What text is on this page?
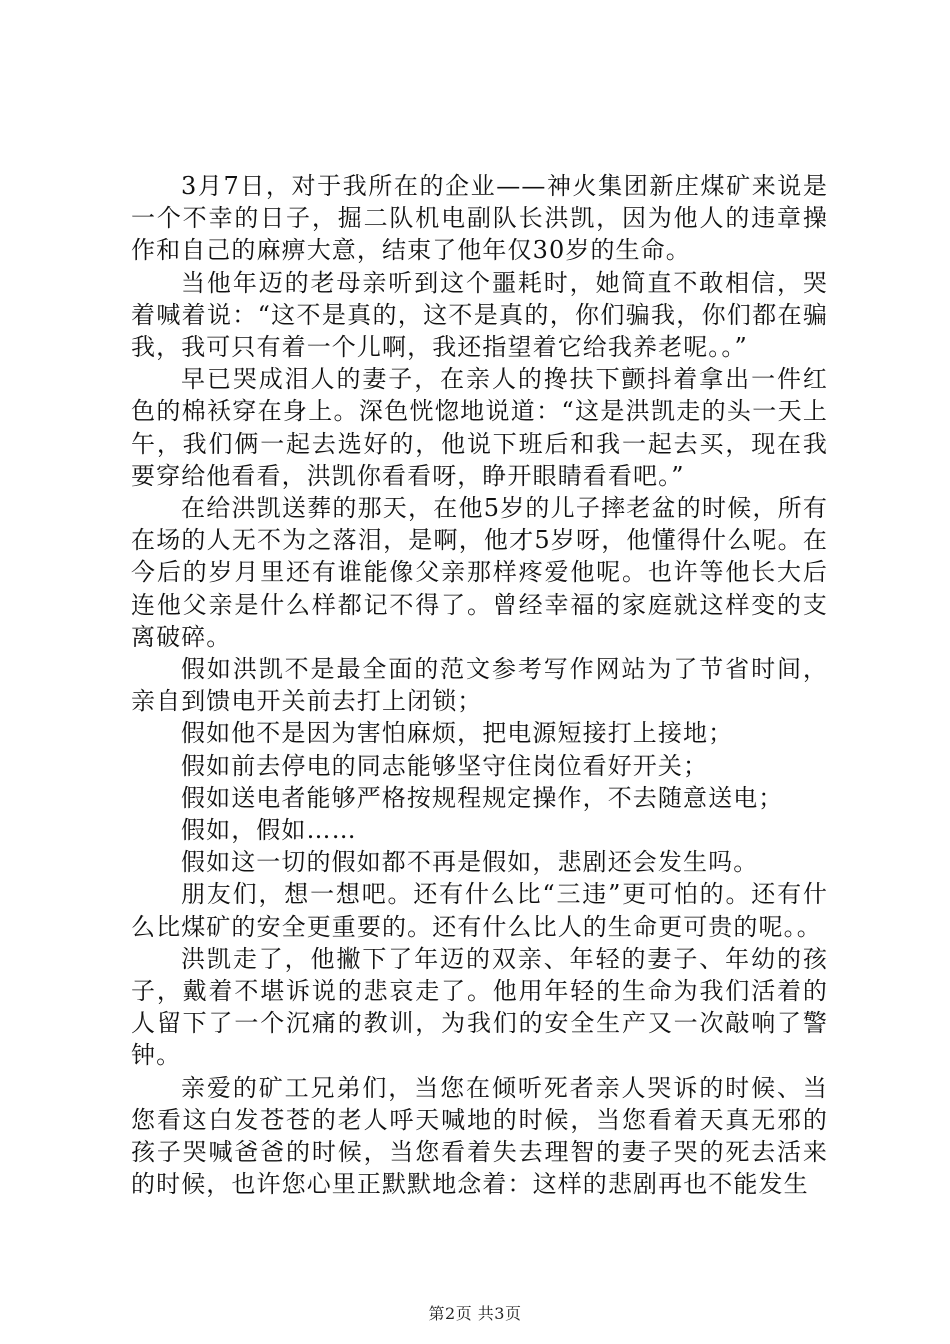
3月7日，对于我所在的企业——神火集团新庄煤矿来说是一个不幸的日子，掘二队机电副队长洪凯，因为他人的违章操作和自己的麻痹大意，结束了他年仅30岁的生命。

当他年迈的老母亲听到这个噩耗时，她简直不敢相信，哭着喊着说：“这不是真的，这不是真的，你们骗我，你们都在骗我，我可只有着一个儿啊，我还指望着它给我养老呢。。”

早已哭成泪人的妻子，在亲人的搀扶下颤抖着拿出一件红色的棉袄穿在身上。深色恍惚地说道：“这是洪凯走的头一天上午，我们俩一起去选好的，他说下班后和我一起去买，现在我要穿给他看看，洪凯你看看呀，睁开眼睛看看吧。”

在给洪凯送葬的那天，在他5岁的儿子摔老盆的时候，所有在场的人无不为之落泪，是啊，他才5岁呀，他懂得什么呢。在今后的岁月里还有谁能像父亲那样疼爱他呢。也许等他长大后连他父亲是什么样都记不得了。曾经幸福的家庭就这样变的支离破碎。

假如洪凯不是最全面的范文参考写作网站为了节省时间，亲自到馈电开关前去打上闭锁；

假如他不是因为害怕麻烦，把电源短接打上接地；

假如前去停电的同志能够坚守住岗位看好开关；

假如送电者能够严格按规程规定操作，不去随意送电；

假如，假如……

假如这一切的假如都不再是假如，悲剧还会发生吗。

朋友们，想一想吧。还有什么比“三违”更可怕的。还有什么比煤矿的安全更重要的。还有什么比人的生命更可贵的呢。。

洪凯走了，他撇下了年迈的双亲、年轻的妻子、年幼的孩子，戴着不堪诉说的悲哀走了。他用年轻的生命为我们活着的人留下了一个沉痛的教训，为我们的安全生产又一次敲响了警钟。

亲爱的矿工兄弟们，当您在倾听死者亲人哭诉的时候、当您看这白发苍苍的老人呼天喊地的时候，当您看着天真无邪的孩子哭喊爸爸的时候，当您看着失去理智的妻子哭的死去活来的时候，也许您心里正默默地念着：这样的悲剧再也不能发生

第2页 共3页
